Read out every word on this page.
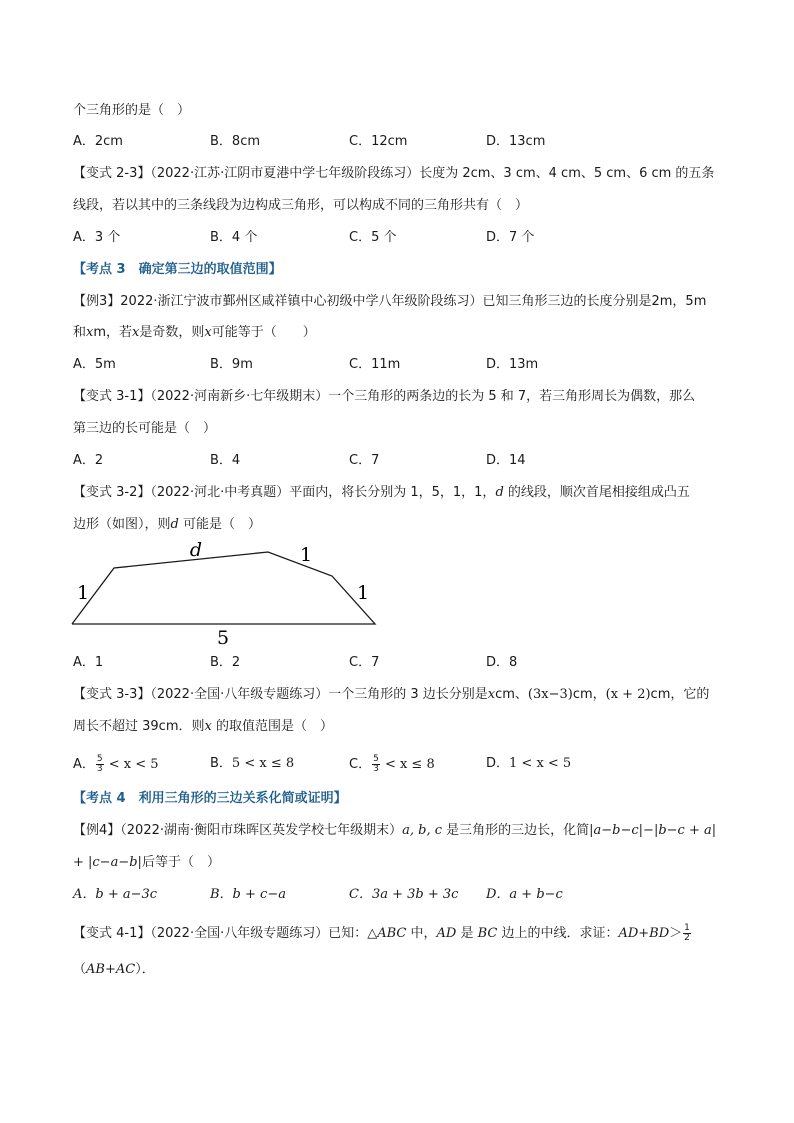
个三角形的是（　）
A．2cm	B．8cm	C．12cm	D．13cm
【变式 2-3】（2022·江苏·江阴市夏港中学七年级阶段练习）长度为 2cm、3 cm、4 cm、5 cm、6 cm 的五条
线段，若以其中的三条线段为边构成三角形，可以构成不同的三角形共有（　）
A．3 个	B．4 个	C．5 个	D．7 个
【考点 3　确定第三边的取值范围】
【例3】2022·浙江宁波市鄞州区咸祥镇中心初级中学八年级阶段练习）已知三角形三边的长度分别是2m，5m
和xm，若x是奇数，则x可能等于（　　）
A．5m	B．9m	C．11m	D．13m
【变式 3-1】（2022·河南新乡·七年级期末）一个三角形的两条边的长为 5 和 7，若三角形周长为偶数，那么
第三边的长可能是（　）
A．2	B．4	C．7	D．14
【变式 3-2】（2022·河北·中考真题）平面内，将长分别为 1，5，1，1，d 的线段，顺次首尾相接组成凸五
边形（如图），则d 可能是（　）
d
1
1
1
5
A．1	B．2	C．7	D．8
【变式 3-3】（2022·全国·八年级专题练习）一个三角形的 3 边长分别是xcm、(3x−3)cm，(x + 2)cm，它的
周长不超过 39cm．则x 的取值范围是（　）
A． $\frac{5}{3} < x < 5$	B．5 < x ≤ 8	C． $\frac{5}{3} < x \le 8$	D．1 < x < 5
【考点 4　利用三角形的三边关系化简或证明】
【例4】（2022·湖南·衡阳市珠晖区英发学校七年级期末）a, b, c 是三角形的三边长，化简|a−b−c|−|b−c + a|
+ |c−a−b|后等于（　）
A．b + a−3c	B．b + c−a	C．3a + 3b + 3c D．a + b−c
【变式 4-1】（2022·全国·八年级专题练习）已知：△ABC 中，AD 是 BC 边上的中线．求证：$AD+BD> \frac{1}{2}$
（AB+AC）．
